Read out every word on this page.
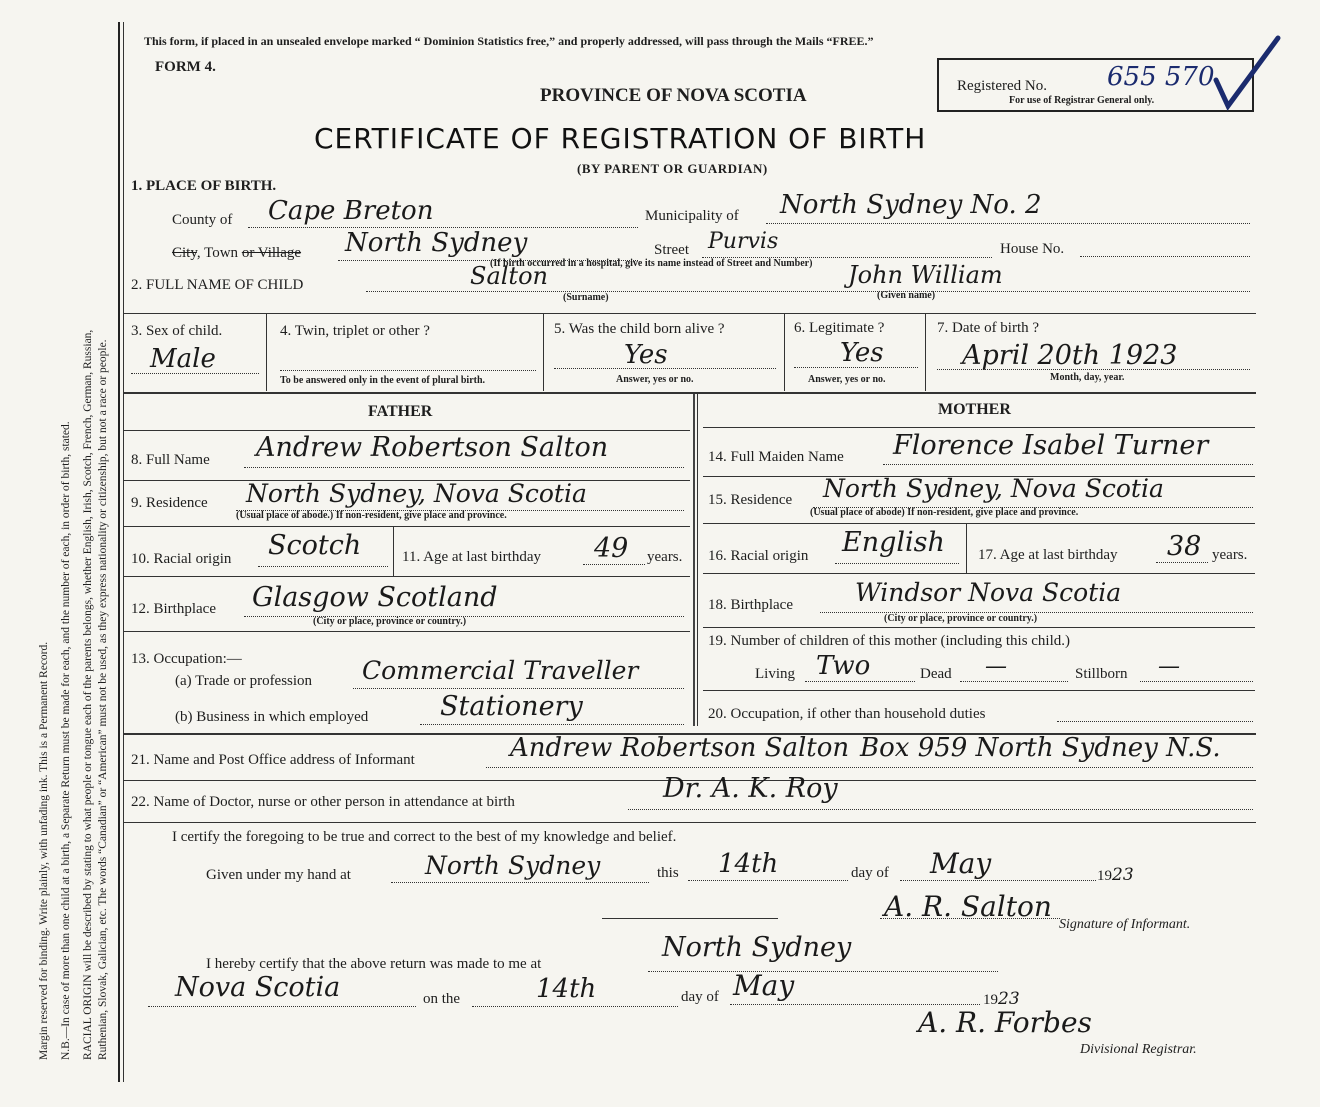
Margin reserved for binding. Write plainly, with unfading ink. This is a Permanent Record. N.B.—In case of more than one child at a birth, a Separate Return must be made for each, and the number of each, in order of birth, stated. RACIAL ORIGIN will be described by stating to what people or tongue each of the parents belongs, whether English, Irish, Scotch, French, German, Russian, Ruthenian, Slovak, Galician, etc. The words “Canadian” or “American” must not be used, as they express nationality or citizenship, but not a race or people.
This form, if placed in an unsealed envelope marked “ Dominion Statistics free,” and properly addressed, will pass through the Mails “FREE.”
FORM 4.
PROVINCE OF NOVA SCOTIA
CERTIFICATE OF REGISTRATION OF BIRTH
(BY PARENT OR GUARDIAN)
Registered No. 655 570
For use of Registrar General only.
1. PLACE OF BIRTH.
County of Cape Breton	Municipality of North Sydney No. 2
City, Town or Village North Sydney	Street Purvis	House No.
(If birth occurred in a hospital, give its name instead of Street and Number)
2. FULL NAME OF CHILD	Salton
(Surname)
John William
(Given name)
3. Sex of child.
Male
4. Twin, triplet or other ?
To be answered only in the event of plural birth.
5. Was the child born alive ?
Yes
Answer, yes or no.
6. Legitimate ?
Yes
Answer, yes or no.
7. Date of birth ?
April 20th 1923
Month, day, year.
FATHER	MOTHER
8. Full Name Andrew Robertson Salton
9. Residence North Sydney, Nova Scotia
(Usual place of abode.) If non-resident, give place and province.
10. Racial origin Scotch	11. Age at last birthday 49 years.
12. Birthplace Glasgow Scotland
(City or place, province or country.)
13. Occupation:—
(a) Trade or profession Commercial Traveller
(b) Business in which employed	Stationery
14. Full Maiden Name Florence Isabel Turner
15. Residence North Sydney, Nova Scotia
(Usual place of abode) If non-resident, give place and province.
16. Racial origin English 17. Age at last birthday 38 years.
18. Birthplace Windsor Nova Scotia
(City or place, province or country.)
19. Number of children of this mother (including this child.)
Living Two	Dead —	Stillborn —
20. Occupation, if other than household duties
21. Name and Post Office address of Informant	Andrew Robertson Salton Box 959 North Sydney N.S.
22. Name of Doctor, nurse or other person in attendance at birth	Dr. A. K. Roy
I certify the foregoing to be true and correct to the best of my knowledge and belief.
Given under my hand at	North Sydney	this 14th	day of May	1923
A. R. Salton
Signature of Informant.
I hereby certify that the above return was made to me at
North Sydney
Nova Scotia	on the	14th	day of May	1923
A. R. Forbes
Divisional Registrar.
